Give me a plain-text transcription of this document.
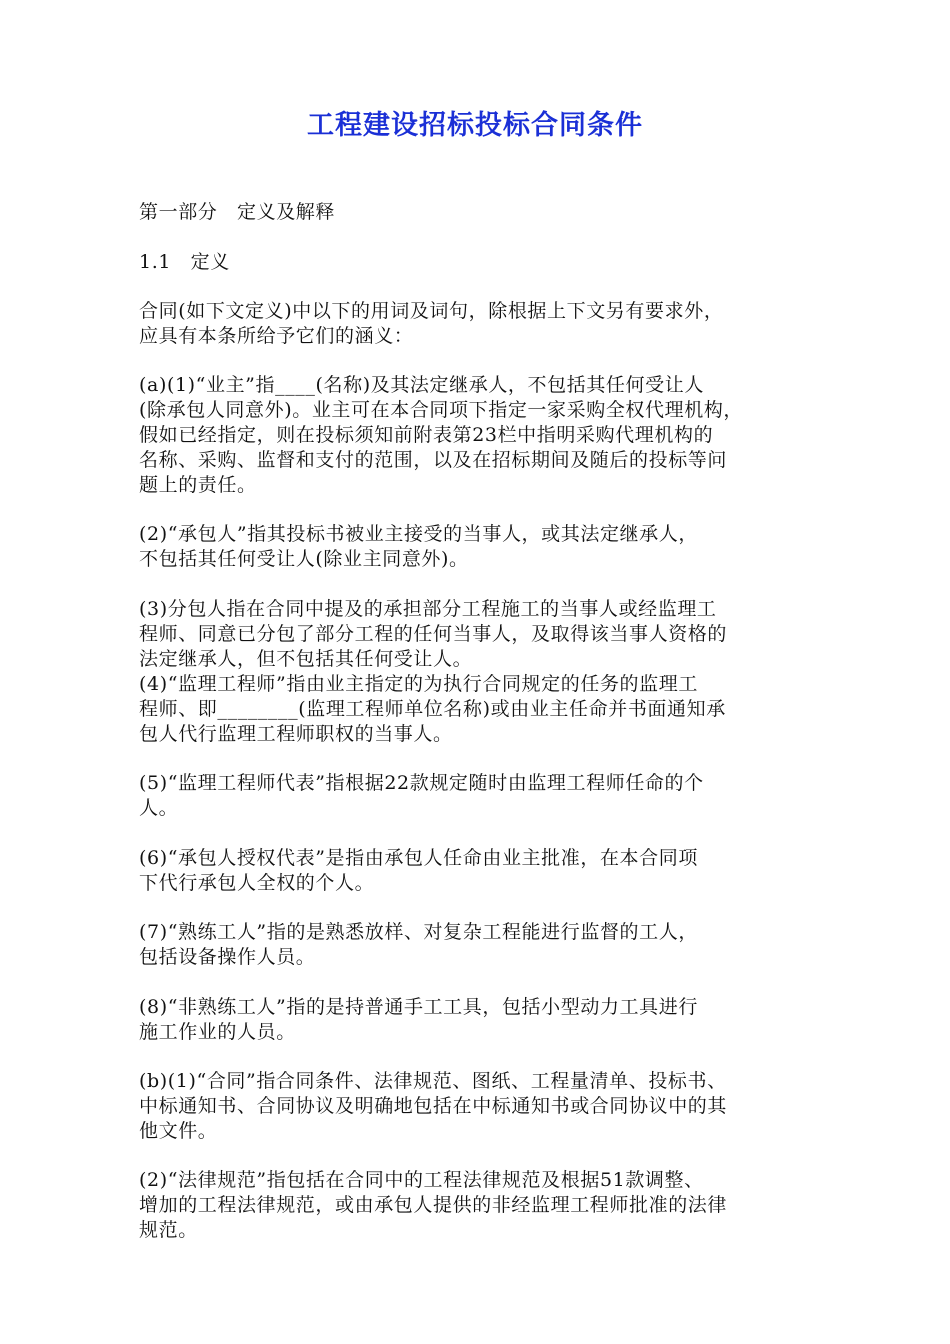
工程建设招标投标合同条件

第一部分　定义及解释

1.1　定义

合同(如下文定义)中以下的用词及词句，除根据上下文另有要求外，
应具有本条所给予它们的涵义：

(a)(1)“业主”指____(名称)及其法定继承人，不包括其任何受让人
(除承包人同意外)。业主可在本合同项下指定一家采购全权代理机构，
假如已经指定，则在投标须知前附表第23栏中指明采购代理机构的
名称、采购、监督和支付的范围，以及在招标期间及随后的投标等问
题上的责任。

(2)“承包人”指其投标书被业主接受的当事人，或其法定继承人，
不包括其任何受让人(除业主同意外)。

(3)分包人指在合同中提及的承担部分工程施工的当事人或经监理工
程师、同意已分包了部分工程的任何当事人，及取得该当事人资格的
法定继承人，但不包括其任何受让人。
(4)“监理工程师”指由业主指定的为执行合同规定的任务的监理工
程师、即________(监理工程师单位名称)或由业主任命并书面通知承
包人代行监理工程师职权的当事人。

(5)“监理工程师代表”指根据22款规定随时由监理工程师任命的个
人。

(6)“承包人授权代表”是指由承包人任命由业主批准，在本合同项
下代行承包人全权的个人。

(7)“熟练工人”指的是熟悉放样、对复杂工程能进行监督的工人，
包括设备操作人员。

(8)“非熟练工人”指的是持普通手工工具，包括小型动力工具进行
施工作业的人员。

(b)(1)“合同”指合同条件、法律规范、图纸、工程量清单、投标书、
中标通知书、合同协议及明确地包括在中标通知书或合同协议中的其
他文件。

(2)“法律规范”指包括在合同中的工程法律规范及根据51款调整、
增加的工程法律规范，或由承包人提供的非经监理工程师批准的法律
规范。
